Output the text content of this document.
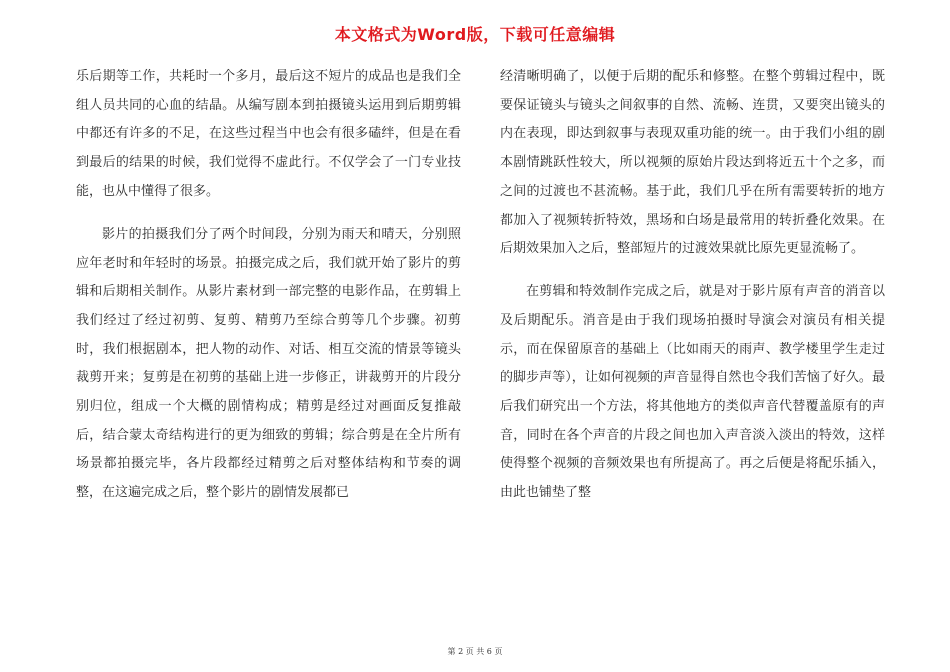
本文格式为Word版，下载可任意编辑

乐后期等工作，共耗时一个多月，最后这不短片的成品也是我们全组人员共同的心血的结晶。从编写剧本到拍摄镜头运用到后期剪辑中都还有许多的不足，在这些过程当中也会有很多磕绊，但是在看到最后的结果的时候，我们觉得不虚此行。不仅学会了一门专业技能，也从中懂得了很多。

影片的拍摄我们分了两个时间段，分别为雨天和晴天，分别照应年老时和年轻时的场景。拍摄完成之后，我们就开始了影片的剪辑和后期相关制作。从影片素材到一部完整的电影作品，在剪辑上我们经过了经过初剪、复剪、精剪乃至综合剪等几个步骤。初剪时，我们根据剧本，把人物的动作、对话、相互交流的情景等镜头裁剪开来；复剪是在初剪的基础上进一步修正，讲裁剪开的片段分别归位，组成一个大概的剧情构成；精剪是经过对画面反复推敲后，结合蒙太奇结构进行的更为细致的剪辑；综合剪是在全片所有场景都拍摄完毕，各片段都经过精剪之后对整体结构和节奏的调整，在这遍完成之后，整个影片的剧情发展都已

经清晰明确了，以便于后期的配乐和修整。在整个剪辑过程中，既要保证镜头与镜头之间叙事的自然、流畅、连贯，又要突出镜头的内在表现，即达到叙事与表现双重功能的统一。由于我们小组的剧本剧情跳跃性较大，所以视频的原始片段达到将近五十个之多，而之间的过渡也不甚流畅。基于此，我们几乎在所有需要转折的地方都加入了视频转折特效，黑场和白场是最常用的转折叠化效果。在后期效果加入之后，整部短片的过渡效果就比原先更显流畅了。

在剪辑和特效制作完成之后，就是对于影片原有声音的消音以及后期配乐。消音是由于我们现场拍摄时导演会对演员有相关提示，而在保留原音的基础上（比如雨天的雨声、教学楼里学生走过的脚步声等），让如何视频的声音显得自然也令我们苦恼了好久。最后我们研究出一个方法，将其他地方的类似声音代替覆盖原有的声音，同时在各个声音的片段之间也加入声音淡入淡出的特效，这样使得整个视频的音频效果也有所提高了。再之后便是将配乐插入，由此也铺垫了整

第 2 页 共 6 页
